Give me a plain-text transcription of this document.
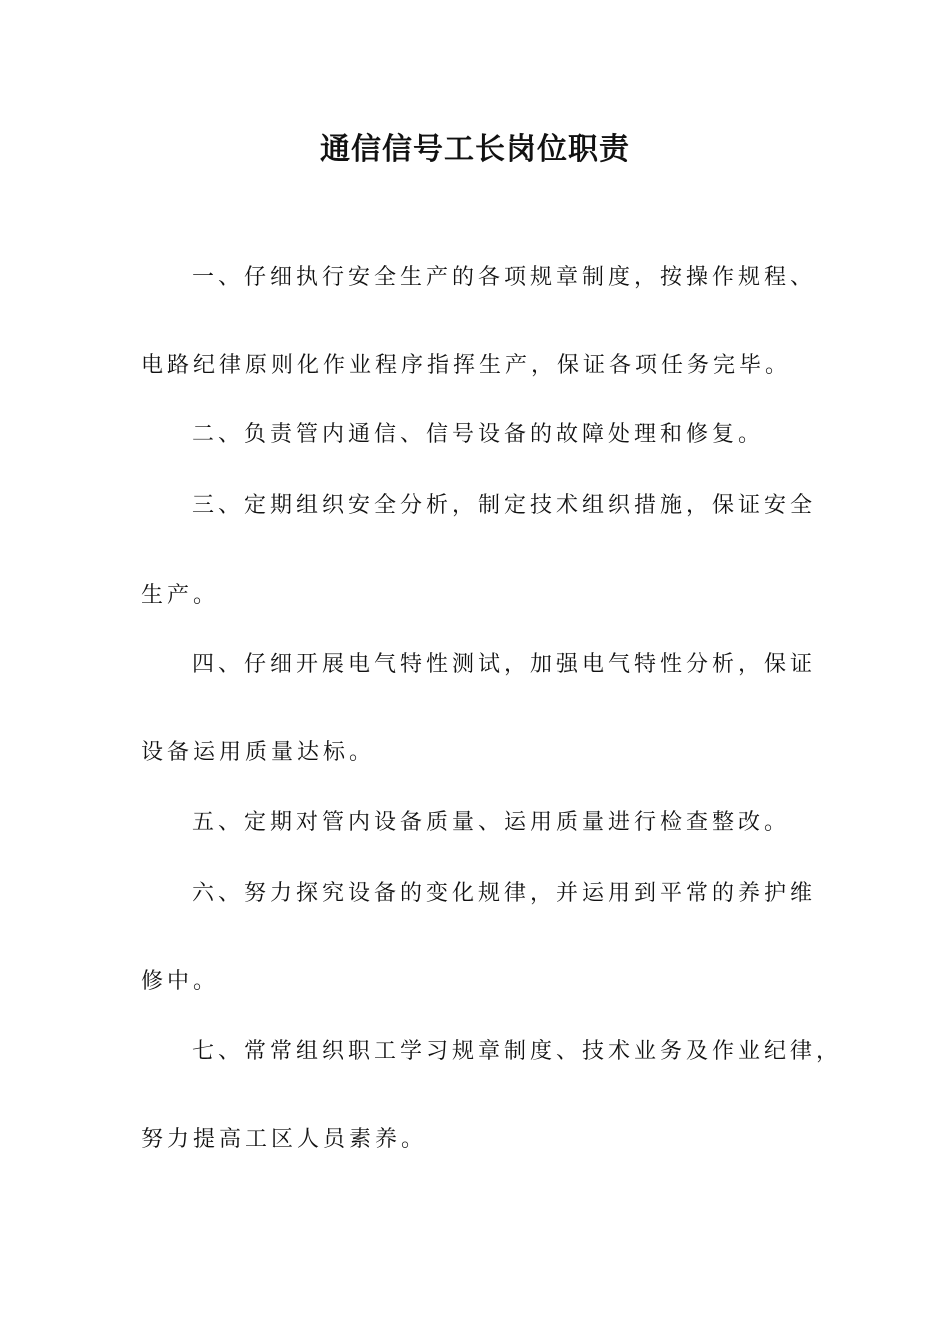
通信信号工长岗位职责

一、仔细执行安全生产的各项规章制度，按操作规程、

电路纪律原则化作业程序指挥生产，保证各项任务完毕。

二、负责管内通信、信号设备的故障处理和修复。

三、定期组织安全分析，制定技术组织措施，保证安全

生产。

四、仔细开展电气特性测试，加强电气特性分析，保证

设备运用质量达标。

五、定期对管内设备质量、运用质量进行检查整改。

六、努力探究设备的变化规律，并运用到平常的养护维

修中。

七、常常组织职工学习规章制度、技术业务及作业纪律，

努力提高工区人员素养。
